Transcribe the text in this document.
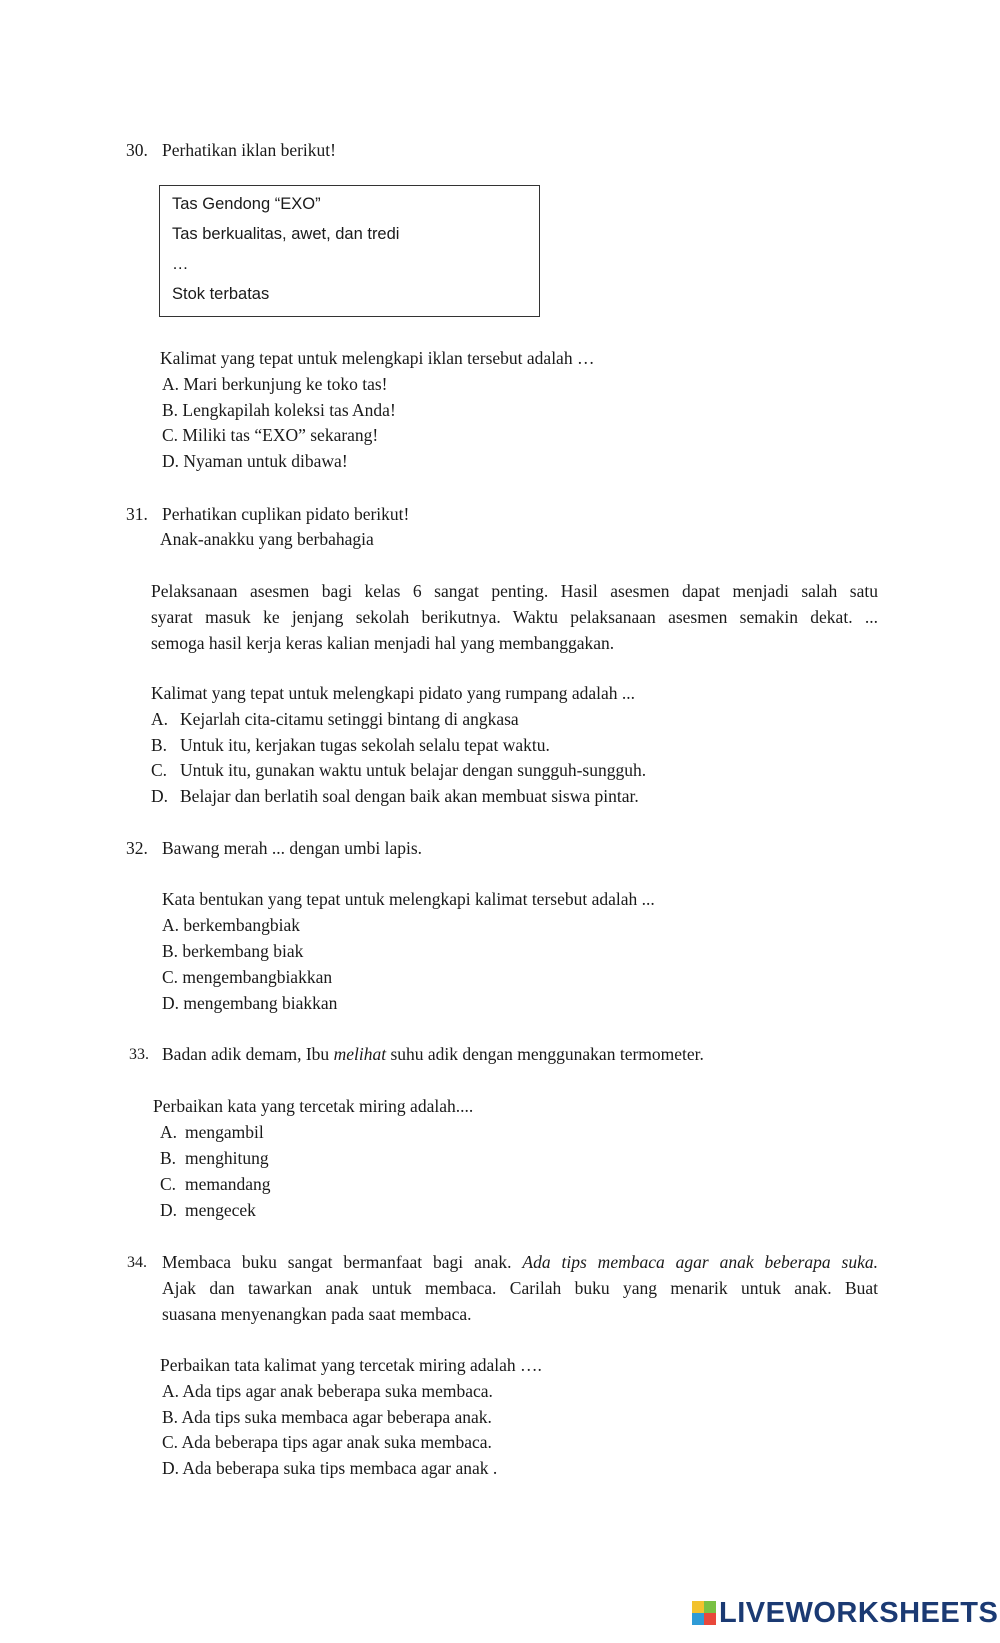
30. Perhatikan iklan berikut!
Tas Gendong “EXO”
Tas berkualitas, awet, dan tredi
…
Stok terbatas
Kalimat yang tepat untuk melengkapi iklan tersebut adalah …
A. Mari berkunjung ke toko tas!
B. Lengkapilah koleksi tas Anda!
C. Miliki tas “EXO” sekarang!
D. Nyaman untuk dibawa!
31. Perhatikan cuplikan pidato berikut!
Anak-anakku yang berbahagia

Pelaksanaan asesmen bagi kelas 6 sangat penting. Hasil asesmen dapat menjadi salah satu

syarat masuk ke jenjang sekolah berikutnya. Waktu pelaksanaan asesmen semakin dekat. ...

semoga hasil kerja keras kalian menjadi hal yang membanggakan.

Kalimat yang tepat untuk melengkapi pidato yang rumpang adalah ...
A. Kejarlah cita-citamu setinggi bintang di angkasa
B. Untuk itu, kerjakan tugas sekolah selalu tepat waktu.
C. Untuk itu, gunakan waktu untuk belajar dengan sungguh-sungguh.
D. Belajar dan berlatih soal dengan baik akan membuat siswa pintar.
32. Bawang merah ... dengan umbi lapis.
Kata bentukan yang tepat untuk melengkapi kalimat tersebut adalah ...
A. berkembangbiak
B. berkembang biak
C. mengembangbiakkan
D. mengembang biakkan
33. Badan adik demam, Ibu melihat suhu adik dengan menggunakan termometer.
Perbaikan kata yang tercetak miring adalah....
A. mengambil
B. menghitung
C. memandang
D. mengecek
34. Membaca buku sangat bermanfaat bagi anak. Ada tips membaca agar anak beberapa suka.

Ajak dan tawarkan anak untuk membaca. Carilah buku yang menarik untuk anak. Buat

suasana menyenangkan pada saat membaca.

Perbaikan tata kalimat yang tercetak miring adalah ….
A. Ada tips agar anak beberapa suka membaca.
B. Ada tips suka membaca agar beberapa anak.
C. Ada beberapa tips agar anak suka membaca.
D. Ada beberapa suka tips membaca agar anak .
LIVEWORKSHEETS
